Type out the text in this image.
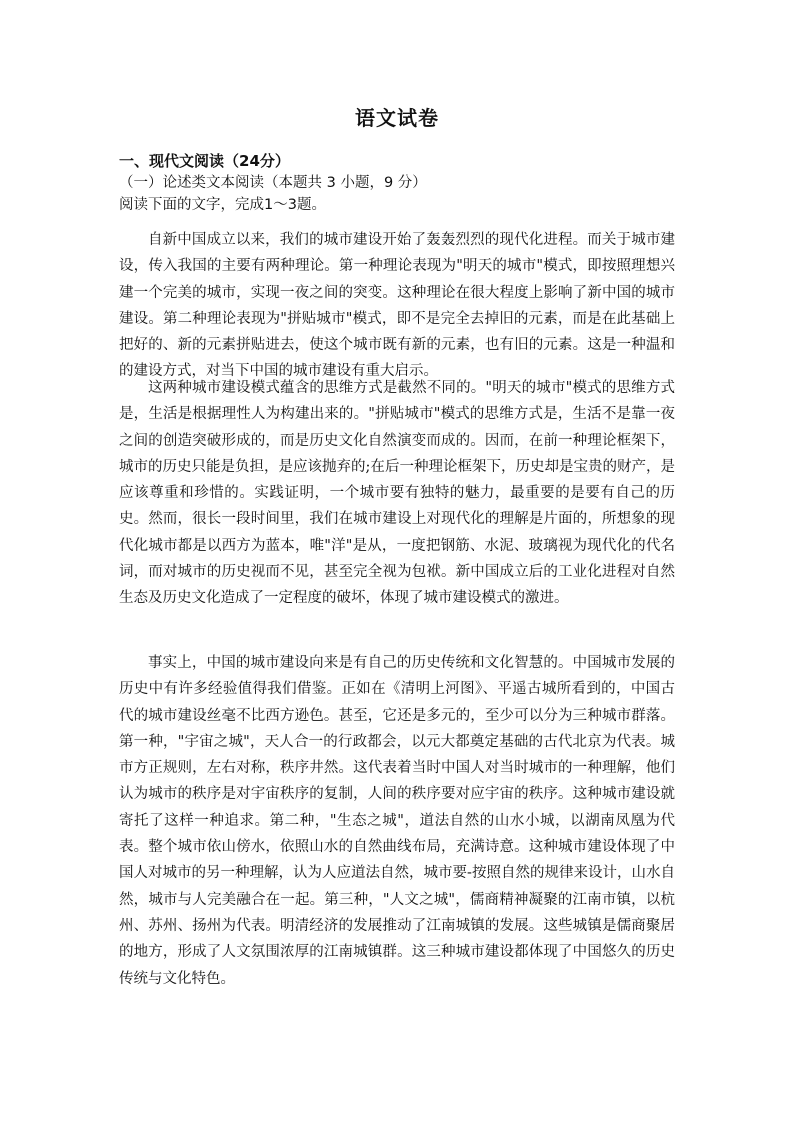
语文试卷
一、现代文阅读（24分）
（一）论述类文本阅读（本题共 3 小题，9 分）
阅读下面的文字，完成1～3题。

自新中国成立以来，我们的城市建设开始了轰轰烈烈的现代化进程。而关于城市建设，传入我国的主要有两种理论。第一种理论表现为"明天的城市"模式，即按照理想兴建一个完美的城市，实现一夜之间的突变。这种理论在很大程度上影响了新中国的城市建设。第二种理论表现为"拼贴城市"模式，即不是完全去掉旧的元素，而是在此基础上把好的、新的元素拼贴进去，使这个城市既有新的元素，也有旧的元素。这是一种温和的建设方式，对当下中国的城市建设有重大启示。

这两种城市建设模式蕴含的思维方式是截然不同的。"明天的城市"模式的思维方式是，生活是根据理性人为构建出来的。"拼贴城市"模式的思维方式是，生活不是靠一夜之间的创造突破形成的，而是历史文化自然演变而成的。因而，在前一种理论框架下，城市的历史只能是负担，是应该抛弃的;在后一种理论框架下，历史却是宝贵的财产，是应该尊重和珍惜的。实践证明，一个城市要有独特的魅力，最重要的是要有自己的历史。然而，很长一段时间里，我们在城市建设上对现代化的理解是片面的，所想象的现代化城市都是以西方为蓝本，唯"洋"是从，一度把钢筋、水泥、玻璃视为现代化的代名词，而对城市的历史视而不见，甚至完全视为包袱。新中国成立后的工业化进程对自然生态及历史文化造成了一定程度的破坏，体现了城市建设模式的激进。

事实上，中国的城市建设向来是有自己的历史传统和文化智慧的。中国城市发展的历史中有许多经验值得我们借鉴。正如在《清明上河图》、平遥古城所看到的，中国古代的城市建设丝毫不比西方逊色。甚至，它还是多元的，至少可以分为三种城市群落。第一种，"宇宙之城"，天人合一的行政都会，以元大都奠定基础的古代北京为代表。城市方正规则，左右对称，秩序井然。这代表着当时中国人对当时城市的一种理解，他们认为城市的秩序是对宇宙秩序的复制，人间的秩序要对应宇宙的秩序。这种城市建设就寄托了这样一种追求。第二种，"生态之城"，道法自然的山水小城，以湖南凤凰为代表。整个城市依山傍水，依照山水的自然曲线布局，充满诗意。这种城市建设体现了中国人对城市的另一种理解，认为人应道法自然，城市要-按照自然的规律来设计，山水自然，城市与人完美融合在一起。第三种，"人文之城"，儒商精神凝聚的江南市镇，以杭州、苏州、扬州为代表。明清经济的发展推动了江南城镇的发展。这些城镇是儒商聚居的地方，形成了人文氛围浓厚的江南城镇群。这三种城市建设都体现了中国悠久的历史传统与文化特色。
